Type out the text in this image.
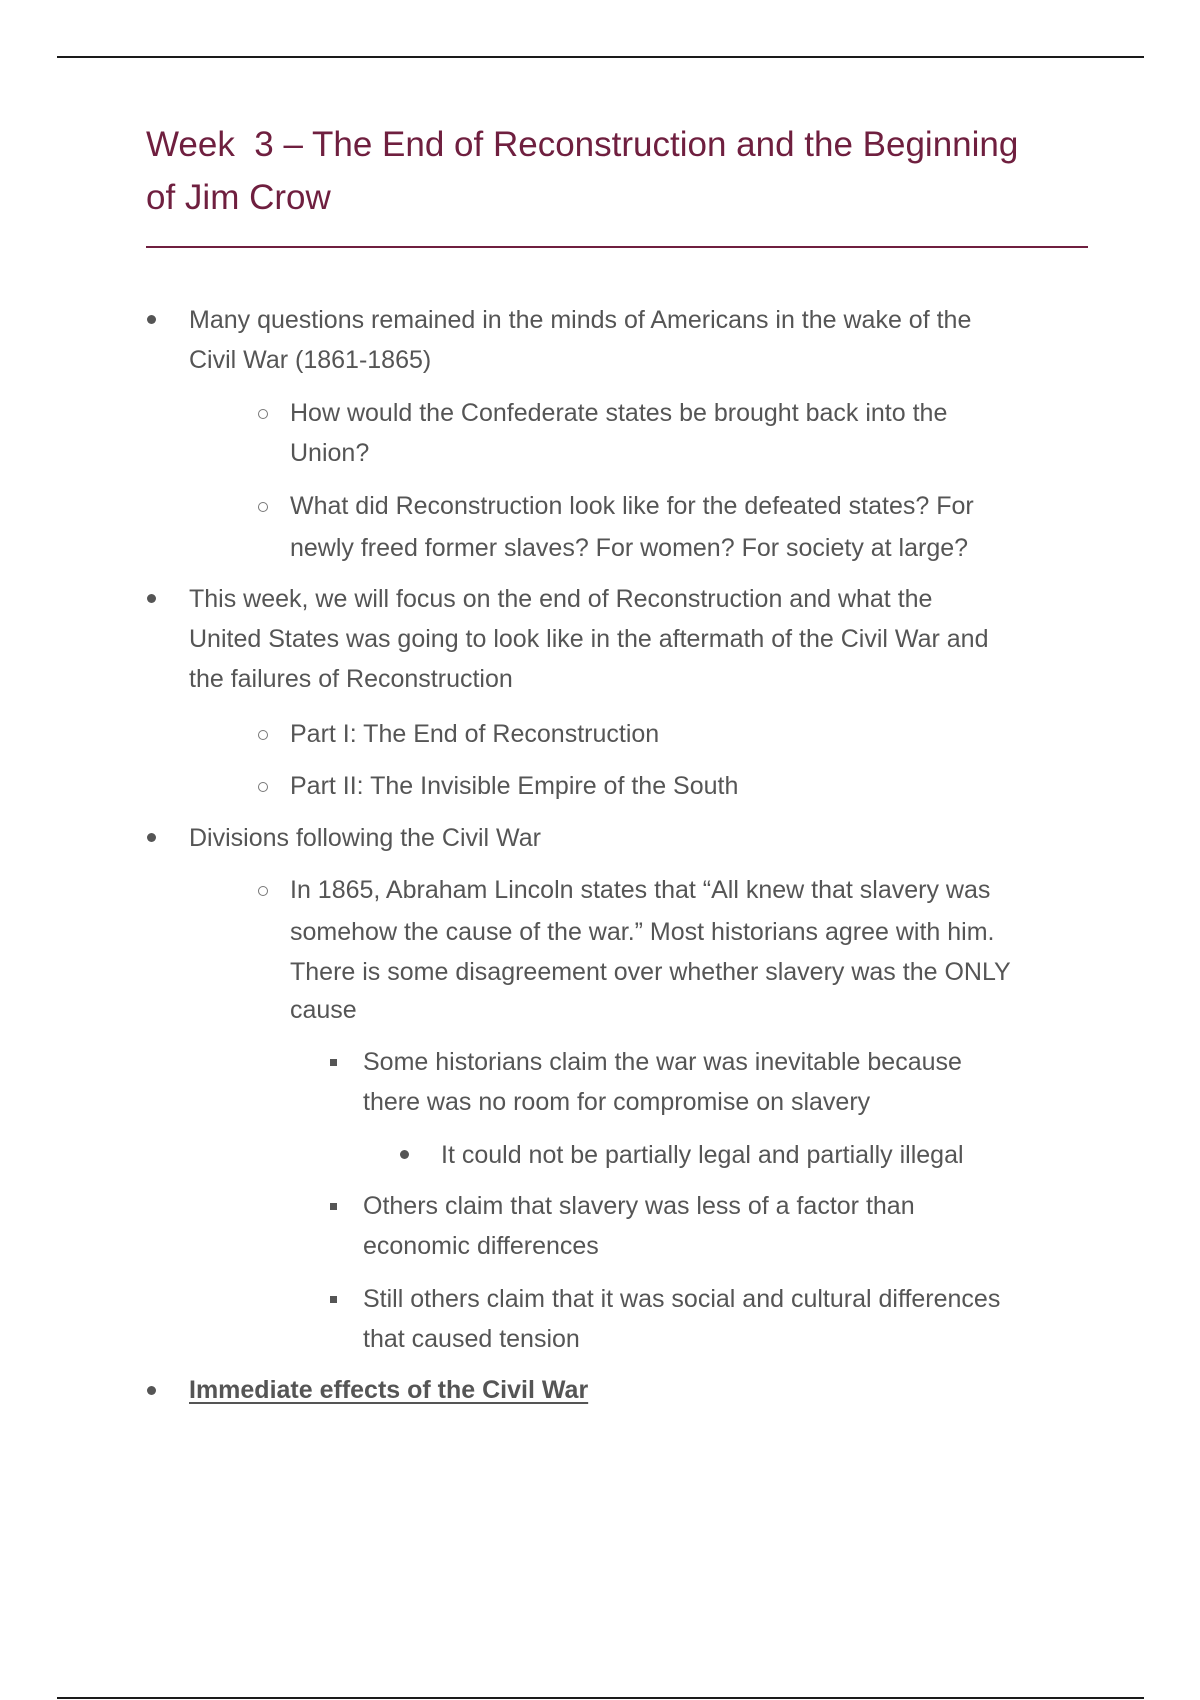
Week  3 – The End of Reconstruction and the Beginning
of Jim Crow

Many questions remained in the minds of Americans in the wake of the

Civil War (1861-1865)

How would the Confederate states be brought back into the

Union?

What did Reconstruction look like for the defeated states? For

newly freed former slaves? For women? For society at large?

This week, we will focus on the end of Reconstruction and what the

United States was going to look like in the aftermath of the Civil War and

the failures of Reconstruction

Part I: The End of Reconstruction

Part II: The Invisible Empire of the South

Divisions following the Civil War

In 1865, Abraham Lincoln states that “All knew that slavery was

somehow the cause of the war.” Most historians agree with him.

There is some disagreement over whether slavery was the ONLY

cause

Some historians claim the war was inevitable because

there was no room for compromise on slavery

It could not be partially legal and partially illegal

Others claim that slavery was less of a factor than

economic differences

Still others claim that it was social and cultural differences

that caused tension

Immediate effects of the Civil War
